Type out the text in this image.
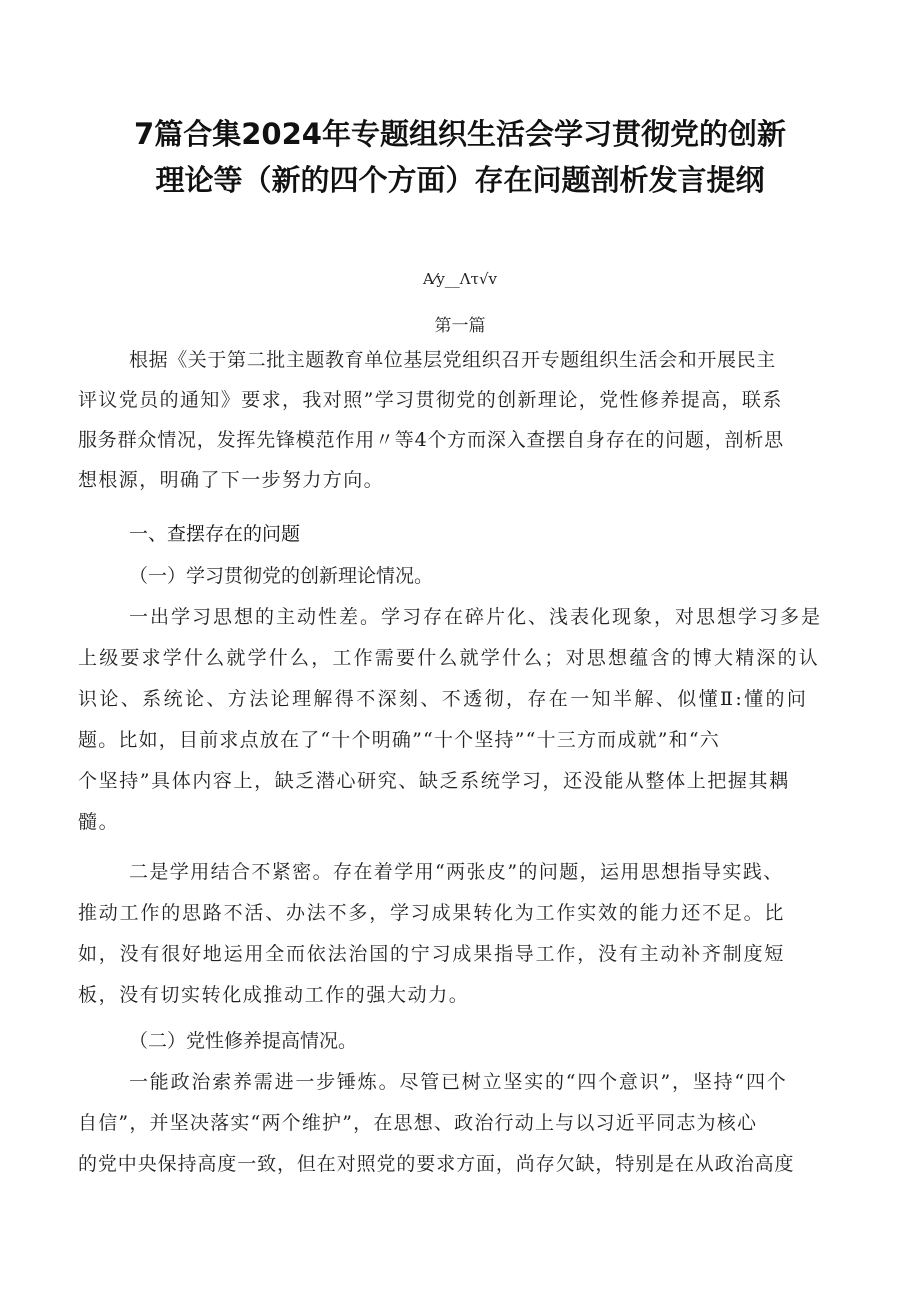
7篇合集2024年专题组织生活会学习贯彻党的创新
理论等（新的四个方面）存在问题剖析发言提纲
A⁄y__Λτ√v
第一篇
根据《关于第二批主题教育单位基层党组织召开专题组织生活会和开展民主
评议党员的通知》要求，我对照”学习贯彻党的创新理论，党性修养提高，联系
服务群众情况，发挥先锋模范作用〃等4个方而深入查摆自身存在的问题，剖析思
想根源，明确了下一步努力方向。
一、查摆存在的问题
（一）学习贯彻党的创新理论情况。
一出学习思想的主动性差。学习存在碎片化、浅表化现象，对思想学习多是
上级要求学什么就学什么，工作需要什么就学什么；对思想蕴含的博大精深的认
识论、系统论、方法论理解得不深刻、不透彻，存在一知半解、似懂Ⅱ:懂的问
题。比如，目前求点放在了“十个明确”“十个坚持”“十三方而成就”和“六
个坚持”具体内容上，缺乏潜心研究、缺乏系统学习，还没能从整体上把握其耦
髓。
二是学用结合不紧密。存在着学用“两张皮”的问题，运用思想指导实践、
推动工作的思路不活、办法不多，学习成果转化为工作实效的能力还不足。比
如，没有很好地运用全而依法治国的宁习成果指导工作，没有主动补齐制度短
板，没有切实转化成推动工作的强大动力。
（二）党性修养提高情况。
一能政治索养需进一步锤炼。尽管已树立坚实的“四个意识”，坚持“四个
自信”，并坚决落实“两个维护”，在思想、政治行动上与以习近平同志为核心
的党中央保持高度一致，但在对照党的要求方面，尚存欠缺，特别是在从政治高度
